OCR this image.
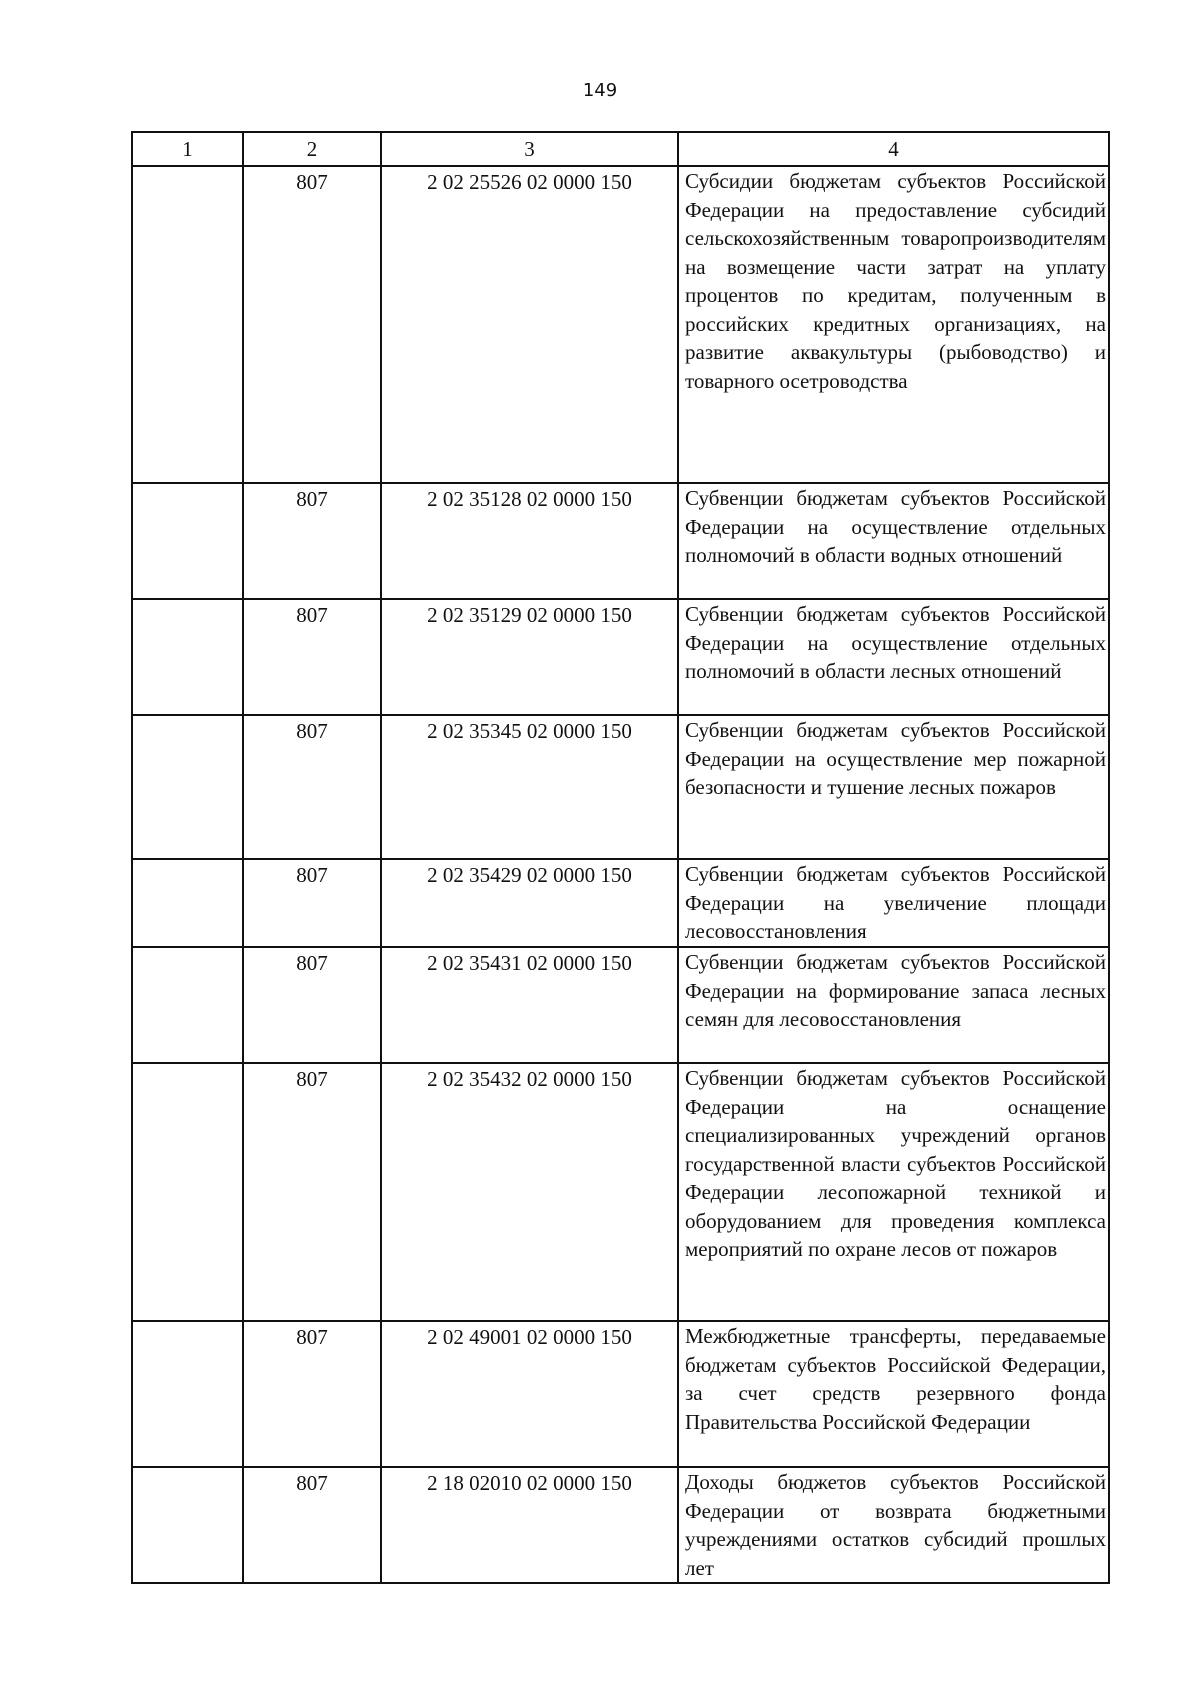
149
1	2	3	4
	807	2 02 25526 02 0000 150	Субсидии бюджетам субъектов Российской Федерации на предоставление субсидий сельскохозяйственным товаропроизводителям на возмещение части затрат на уплату процентов по кредитам, полученным в российских кредитных организациях, на развитие аквакультуры (рыбоводство) и товарного осетроводства
	807	2 02 35128 02 0000 150	Субвенции бюджетам субъектов Российской Федерации на осуществление отдельных полномочий в области водных отношений
	807	2 02 35129 02 0000 150	Субвенции бюджетам субъектов Российской Федерации на осуществление отдельных полномочий в области лесных отношений
	807	2 02 35345 02 0000 150	Субвенции бюджетам субъектов Российской Федерации на осуществление мер пожарной безопасности и тушение лесных пожаров
	807	2 02 35429 02 0000 150	Субвенции бюджетам субъектов Российской Федерации на увеличение площади лесовосстановления
	807	2 02 35431 02 0000 150	Субвенции бюджетам субъектов Российской Федерации на формирование запаса лесных семян для лесовосстановления
	807	2 02 35432 02 0000 150	Субвенции бюджетам субъектов Российской Федерации на оснащение специализированных учреждений органов государственной власти субъектов Российской Федерации лесопожарной техникой и оборудованием для проведения комплекса мероприятий по охране лесов от пожаров
	807	2 02 49001 02 0000 150	Межбюджетные трансферты, передаваемые бюджетам субъектов Российской Федерации, за счет средств резервного фонда Правительства Российской Федерации
	807	2 18 02010 02 0000 150	Доходы бюджетов субъектов Российской Федерации от возврата бюджетными учреждениями остатков субсидий прошлых лет
